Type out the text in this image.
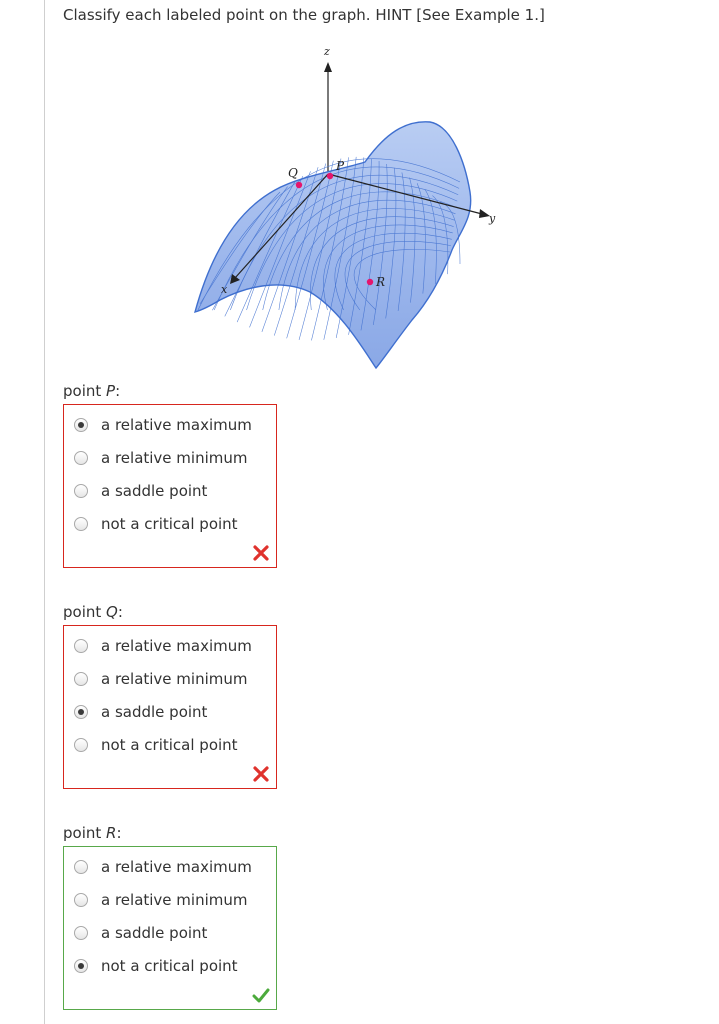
Classify each labeled point on the graph. HINT [See Example 1.]
z
y
x
Q	P
R
point P:
a relative maximum
a relative minimum
a saddle point
not a critical point
point Q:
a relative maximum
a relative minimum
a saddle point
not a critical point
point R:
a relative maximum
a relative minimum
a saddle point
not a critical point
